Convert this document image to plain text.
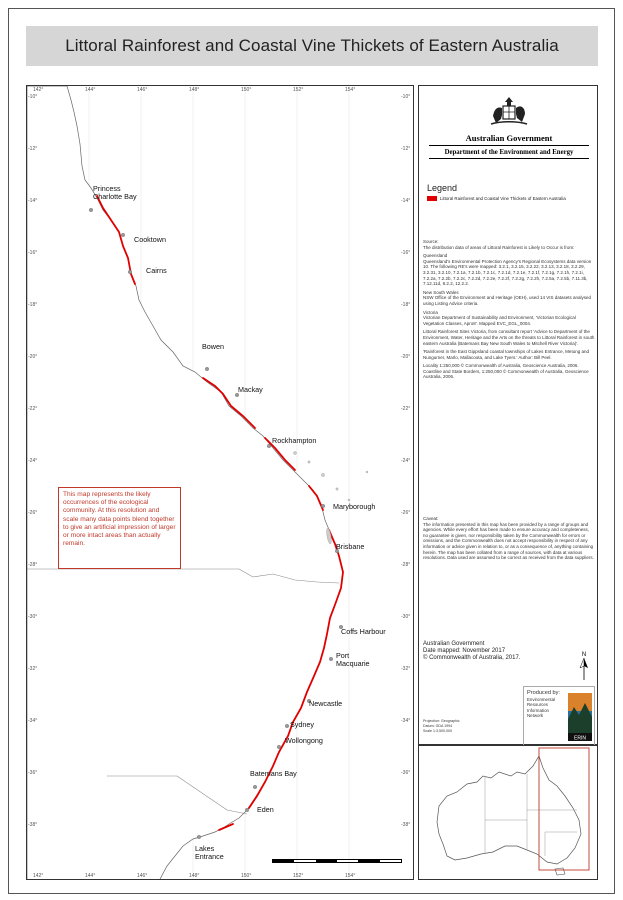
Littoral Rainforest and Coastal Vine Thickets of Eastern Australia
142°	144°	146°	148°	150°	152°	154°
142°	144°	146°	148°	150°	152°	154°
-10°
-12°
-14°
-16°
-18°
-20°
-22°
-24°
-26°
-28°
-30°
-32°
-34°
-36°
-38°
-10°
-12°
-14°
-16°
-18°
-20°
-22°
-24°
-26°
-28°
-30°
-32°
-34°
-36°
-38°
Princess
Charlotte Bay
Cooktown
Cairns
Bowen
Mackay
Rockhampton
Maryborough
Brisbane
Coffs Harbour
Port
Macquarie
Newcastle
Sydney
Wollongong
Batemans Bay
Eden
Lakes
Entrance
This map represents the likely occurrences of the ecological community. At this resolution and scale many data points blend together to give an artificial impression of larger or more intact areas than actually remain.
Australian Government
Department of the Environment and Energy
Legend
Littoral Rainforest and Coastal Vine Thickets of Eastern Australia

Source:
The distribution data of areas of Littoral Rainforest is Likely to Occur is from:

Queensland
Queensland's Environmental Protection Agency's Regional Ecosystems data version 10. The following RE's were mapped: 3.2.1, 3.2.15, 3.2.22, 3.2.13, 3.2.18, 3.2.29, 3.2.31, 3.2.10, 7.2.1a, 7.2.1b, 7.2.1c, 7.2.1d, 7.2.1e, 7.2.1f, 7.2.1g, 7.2.1h, 7.2.1i, 7.2.2a, 7.2.2b, 7.2.2c, 7.2.2d, 7.2.2e, 7.2.2f, 7.2.2g, 7.2.2h, 7.2.5a, 7.2.5b, 7.11.3b, 7.12.11d, 8.2.2, 12.2.2.

New South Wales
NSW Office of the Environment and Heritage (OEH), used 14 VIS datasets analysed using Listing Advice criteria.

Victoria
Victorian Department of Sustainability and Environment, 'Victorian Ecological Vegetation Classes, Apro8'. Mapped EVC_EGL_0004.

Littoral Rainforest Sites Victoria, from consultant report 'Advice to Department of the Environment, Water, Heritage and the Arts on the threats to Littoral Rainforest in south eastern Australia (Batemans Bay New South Wales to Mitchell River Victoria)'.

'Rainforest in the East Gippsland coastal townships of Lakes Entrance, Metung and Nungurner, Marlo, Mallacoota, and Lake Tyers.' Author: Bill Peel.

Locality 1:250,000 © Commonwealth of Australia, Geoscience Australia, 2006.
Coastline and State Borders, 1:250,000 © Commonwealth of Australia, Geoscience Australia, 2006.

Caveat:
The information presented in this map has been provided by a range of groups and agencies. While every effort has been made to ensure accuracy and completeness, no guarantee is given, nor responsibility taken by the Commonwealth for errors or omissions, and the Commonwealth does not accept responsibility in respect of any information or advice given in relation to, or as a consequence of, anything containing herein. The map has been collated from a range of sources, with data at various resolutions. Data used are assumed to be correct as received from the data suppliers.

Australian Government
Date mapped: November 2017
© Commonwealth of Australia, 2017.	N
Projection: Geographic
Datum: GDA 1994
Scale 1:3,500,000
Produced by:
Environmental
Resources
Information
Network
ERIN
